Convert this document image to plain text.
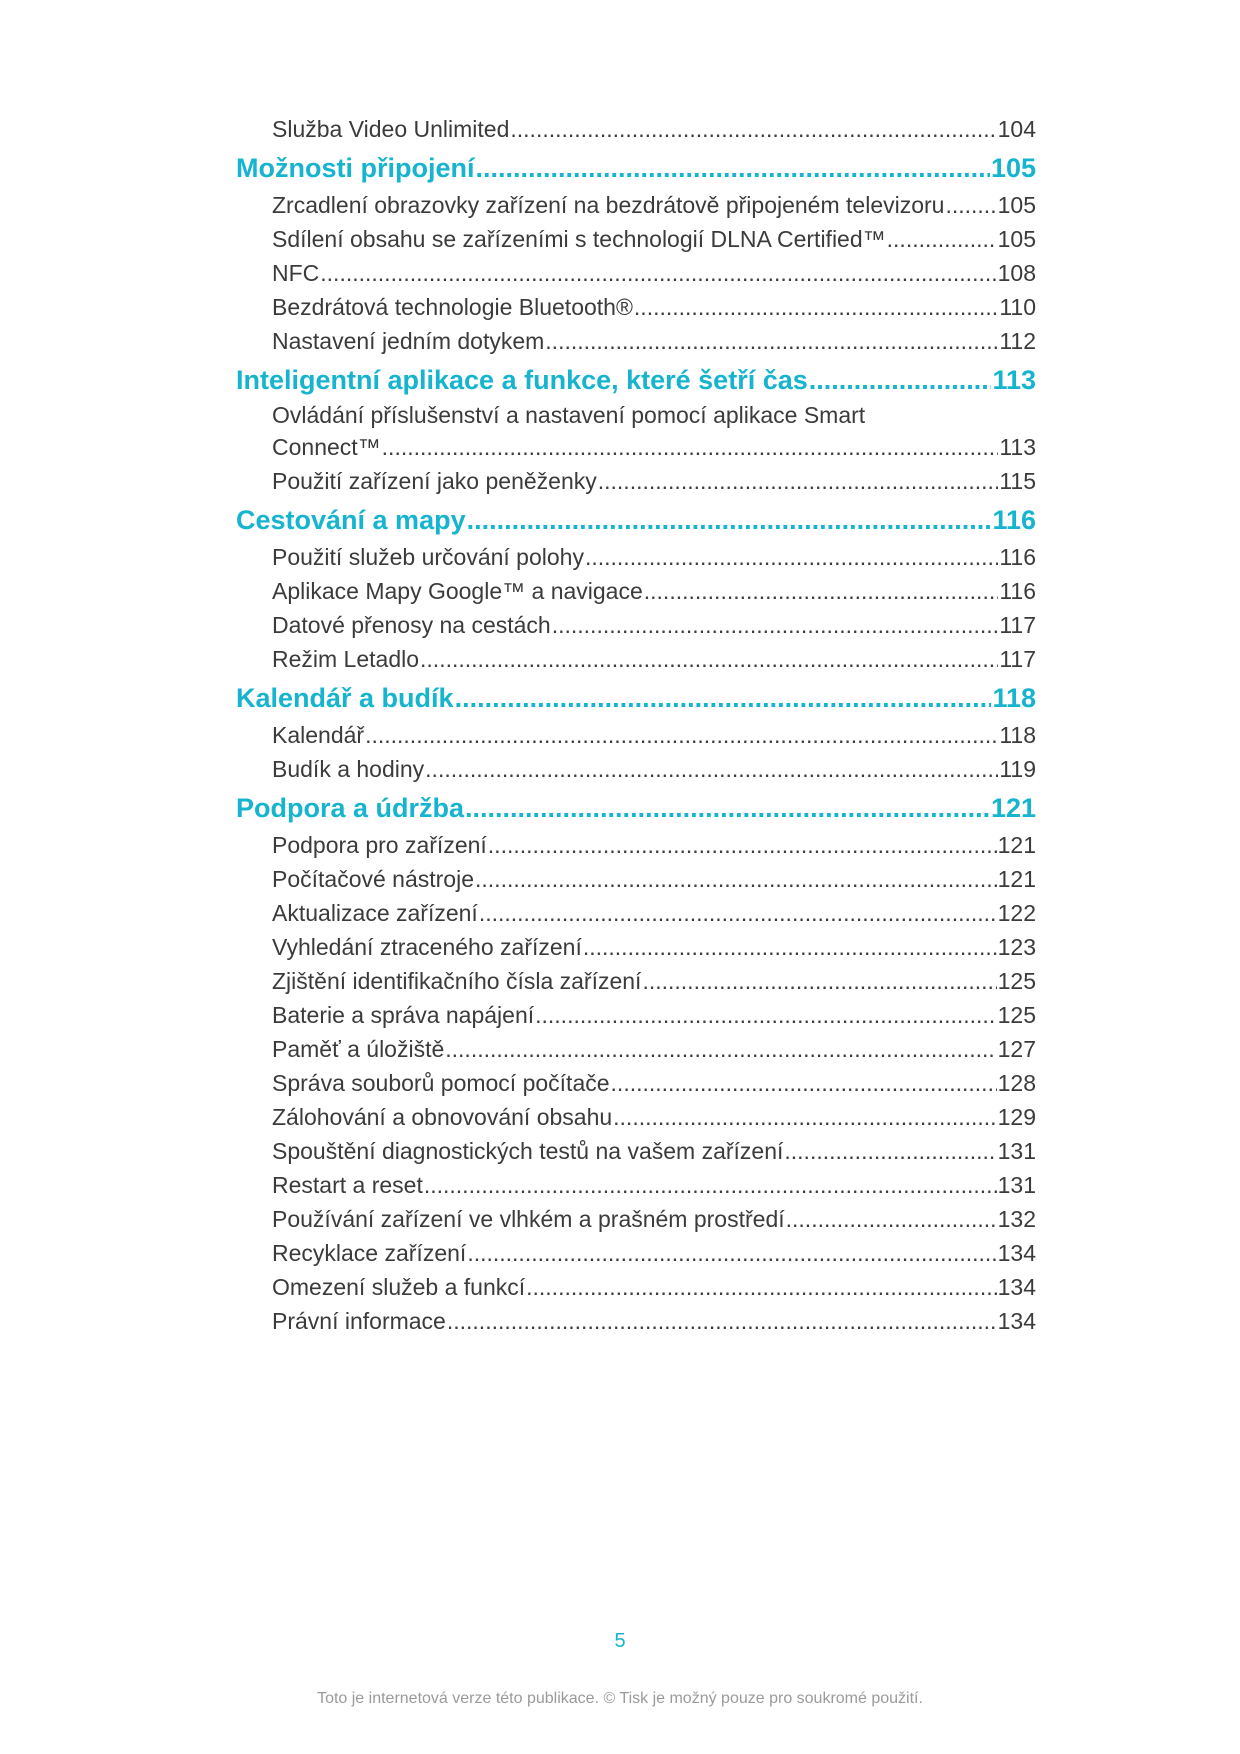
Služba Video Unlimited .....	104
Možnosti připojení .....	105
Zrcadlení obrazovky zařízení na bezdrátově připojeném televizoru ..... 105
Sdílení obsahu se zařízeními s technologií DLNA Certified™ .....	105
NFC .....	108
Bezdrátová technologie Bluetooth® .....	110
Nastavení jedním dotykem .....	112
Inteligentní aplikace a funkce, které šetří čas .....	113
Ovládání příslušenství a nastavení pomocí aplikace Smart
Connect™ .....	113
Použití zařízení jako peněženky .....	115
Cestování a mapy .....	116
Použití služeb určování polohy .....	116
Aplikace Mapy Google™ a navigace .....	116
Datové přenosy na cestách .....	117
Režim Letadlo .....	117
Kalendář a budík .....	118
Kalendář .....	118
Budík a hodiny .....	119
Podpora a údržba .....	121
Podpora pro zařízení .....	121
Počítačové nástroje .....	121
Aktualizace zařízení .....	122
Vyhledání ztraceného zařízení .....	123
Zjištění identifikačního čísla zařízení .....	125
Baterie a správa napájení .....	125
Paměť a úložiště .....	127
Správa souborů pomocí počítače .....	128
Zálohování a obnovování obsahu .....	129
Spouštění diagnostických testů na vašem zařízení .....	131
Restart a reset .....	131
Používání zařízení ve vlhkém a prašném prostředí .....	132
Recyklace zařízení .....	134
Omezení služeb a funkcí .....	134
Právní informace .....	134
5
Toto je internetová verze této publikace. © Tisk je možný pouze pro soukromé použití.
